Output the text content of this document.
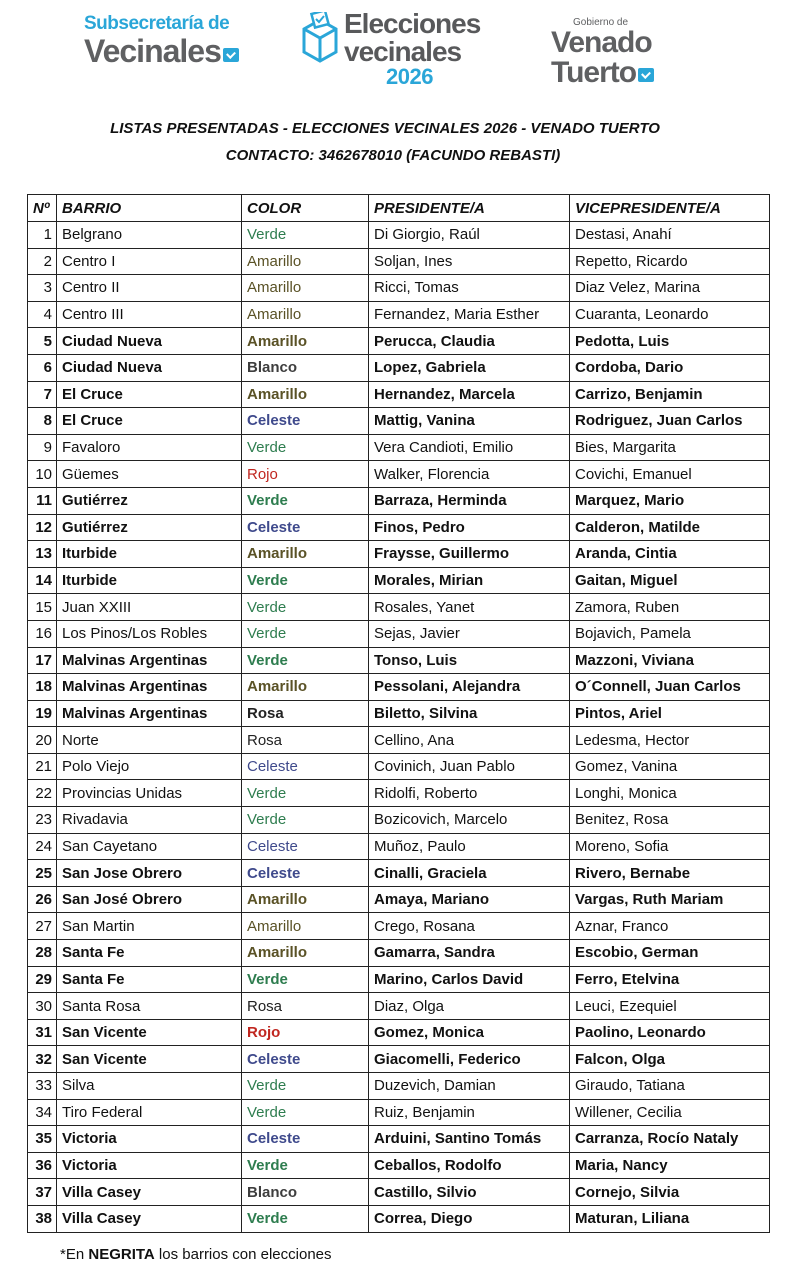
Subsecretaría de
Vecinales
Elecciones
vecinales
2026
Gobierno de
Venado
Tuerto
LISTAS PRESENTADAS - ELECCIONES VECINALES 2026 - VENADO TUERTO
CONTACTO: 3462678010 (FACUNDO REBASTI)
Nº	BARRIO	COLOR	PRESIDENTE/A	VICEPRESIDENTE/A
1	Belgrano	Verde	Di Giorgio, Raúl	Destasi, Anahí
2	Centro I	Amarillo	Soljan, Ines	Repetto, Ricardo
3	Centro II	Amarillo	Ricci, Tomas	Diaz Velez, Marina
4	Centro III	Amarillo	Fernandez, Maria Esther	Cuaranta, Leonardo
5	Ciudad Nueva	Amarillo	Perucca, Claudia	Pedotta, Luis
6	Ciudad Nueva	Blanco	Lopez, Gabriela	Cordoba, Dario
7	El Cruce	Amarillo	Hernandez, Marcela	Carrizo, Benjamin
8	El Cruce	Celeste	Mattig, Vanina	Rodriguez, Juan Carlos
9	Favaloro	Verde	Vera Candioti, Emilio	Bies, Margarita
10	Güemes	Rojo	Walker, Florencia	Covichi, Emanuel
11	Gutiérrez	Verde	Barraza, Herminda	Marquez, Mario
12	Gutiérrez	Celeste	Finos, Pedro	Calderon, Matilde
13	Iturbide	Amarillo	Fraysse, Guillermo	Aranda, Cintia
14	Iturbide	Verde	Morales, Mirian	Gaitan, Miguel
15	Juan XXIII	Verde	Rosales, Yanet	Zamora, Ruben
16	Los Pinos/Los Robles	Verde	Sejas, Javier	Bojavich, Pamela
17	Malvinas Argentinas	Verde	Tonso, Luis	Mazzoni, Viviana
18	Malvinas Argentinas	Amarillo	Pessolani, Alejandra	O´Connell, Juan Carlos
19	Malvinas Argentinas	Rosa	Biletto, Silvina	Pintos, Ariel
20	Norte	Rosa	Cellino, Ana	Ledesma, Hector
21	Polo Viejo	Celeste	Covinich, Juan Pablo	Gomez, Vanina
22	Provincias Unidas	Verde	Ridolfi, Roberto	Longhi, Monica
23	Rivadavia	Verde	Bozicovich, Marcelo	Benitez, Rosa
24	San Cayetano	Celeste	Muñoz, Paulo	Moreno, Sofia
25	San Jose Obrero	Celeste	Cinalli, Graciela	Rivero, Bernabe
26	San José Obrero	Amarillo	Amaya, Mariano	Vargas, Ruth Mariam
27	San Martin	Amarillo	Crego, Rosana	Aznar, Franco
28	Santa Fe	Amarillo	Gamarra, Sandra	Escobio, German
29	Santa Fe	Verde	Marino, Carlos David	Ferro, Etelvina
30	Santa Rosa	Rosa	Diaz, Olga	Leuci, Ezequiel
31	San Vicente	Rojo	Gomez, Monica	Paolino, Leonardo
32	San Vicente	Celeste	Giacomelli, Federico	Falcon, Olga
33	Silva	Verde	Duzevich, Damian	Giraudo, Tatiana
34	Tiro Federal	Verde	Ruiz, Benjamin	Willener, Cecilia
35	Victoria	Celeste	Arduini, Santino Tomás	Carranza, Rocío Nataly
36	Victoria	Verde	Ceballos, Rodolfo	Maria, Nancy
37	Villa Casey	Blanco	Castillo, Silvio	Cornejo, Silvia
38	Villa Casey	Verde	Correa, Diego	Maturan, Liliana
*En NEGRITA los barrios con elecciones
